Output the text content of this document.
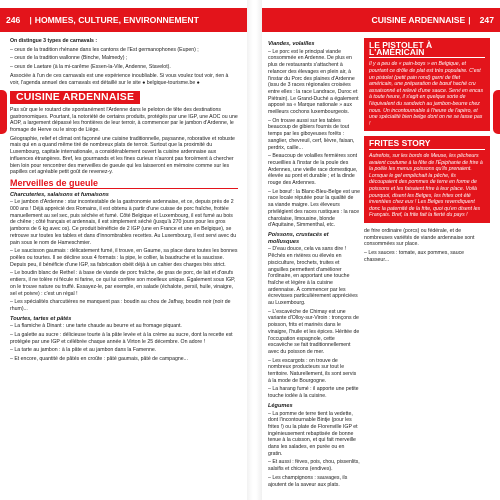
246	| HOMMES, CULTURE, ENVIRONNEMENT	CUISINE ARDENNAISE |	247

On distingue 3 types de carnavals :

– ceux de la tradition rhénane dans les cantons de l'Est germanophones (Eupen) ;

– ceux de la tradition wallonne (Binche, Malmedy) ;

– ceux de Laetare (à la mi-carême (Essen-la-Vile, Andenne, Stavelot).

Associée à l'un de ces carnavals est une expérience inoubliable. Si vous voulez tout voir, rien à voir, l'agenda annuel des carnavals est détaillé sur le site ● belgique-tourisme.be ●

CUISINE ARDENNAISE

Pas sûr que le routard cite spontanément l'Ardenne dans le peloton de tête des destinations gastronomiques. Pourtant, la notoriété de certains produits, protégés par une IGP, une AOC ou une AOP, a largement dépassé les frontières de leur terroir, à commencer par le jambon d'Ardenne, le fromage de Herve ou le sirop de Liège.

Géographie, relief et climat ont façonné une cuisine traditionnelle, paysanne, roborative et robuste mais qui en a quand même tiré de nombreux plats de terroir. Surtout que la proximité du Luxembourg, capitale internationale, a considérablement ouvert la cuisine ardennaise aux influences étrangères. Bref, les gourmands et les fines curieux n'auront pas forcément à chercher bien loin pour rencontrer des merveilles de gueule qui les laisseront en mémoire comme sur les papilles cet agréable petit goût de revenez-y.

Merveilles de gueule
Charcuteries, salaisons et fumaisons

– Le jambon d'Ardenne : star incontestable de la gastronomie ardennaise, et ce, depuis près de 2 000 ans ! Déjà apprécié des Romains, il est obtenu à partir d'une cuisse de porc fraîche, frottée manuellement au sel sec, puis séchée et fumé. Côté Belgique et Luxembourg, il est fumé au bois de chêne ; côté français et ardennais, il est simplement séché (jusqu'à 270 jours pour les gros jambons de 6 kg avec os). Ce produit bénéficie de 2 IGP (une en France et une en Belgique), se retrouve sur toutes les tables et dans d'innombrables recettes. Au Luxembourg, il est servi avec du pain sous le nom de Hameschmier.

– Le saucisson gaumais : délicatement fumé, il trouve, en Gaume, sa place dans toutes les bonnes poêles ou tourtes. Il se décline sous 4 formats : la pipe, le collier, la baudruche et la saucisse. Depuis peu, il bénéficie d'une IGP, sa fabrication obéit déjà à un cahier des charges très strict.

– Le boudin blanc de Rethel : à base de viande de porc fraîche, de gras de porc, de lait et d'œufs entiers, il ne tolère ni fécule ni farine, ce qui lui confère son moelleux unique. Également sous IGP, on le trouve nature ou truffé. Essayez-le, par exemple, en salade (échalote, persil, huile, vinaigre, sel et poivre) : c'est un régal !

– Les spécialités charcutières ne manquent pas : boudin au chou de Jafhay, boudin noir (noir de rhum)...

Tourtes, tartes et pâtés

– La flamiche à Dinant : une tarte chaude au beurre et au fromage piquant.

– La galette au sucre : délicieuse tourte à la pâte levée et à la crème au sucre, dont la recette est protégée par une IGP et célébrée chaque année à Virton le 25 décembre. On adore !

– La tarte au jambon : à la pâte et au jambon dans la Famenne.

– Et encore, quantité de pâtés en croûte : pâté gaumais, pâté de campagne...

Viandes, volailles

– Le porc est le principal viande consommée en Ardenne. De plus en plus de restaurants s'attachent à relancer des élevages en plein air, à l'instar du Porc des plaines d'Ardenne (issu de 3 races régionales croisées entre elles : la race Landrace, Duroc et Piétrain). Le Grand-Duché a également apposé sa « Marque nationale » aux meilleurs cochons luxembourgeois.

– On trouve aussi sur les tables beaucoup de gibiers fournis de tout temps par les giboyeuses forêts : sanglier, chevreuil, cerf, lièvre, faisan, perdrix, caille...

– Beaucoup de volailles fermières sont recueillies à l'instar de la poule des Ardennes, une vieille race domestique, élevée au pont et durable ; et la dinde rouge des Ardennes.

– Le bœuf : la Blanc-Bleu-Belge est une race locale réputée pour la qualité de sa viande maigre. Les éleveurs privilégient des races rustiques : la race charolaise, limousine, blonde d'Aquitaine, Simmenthal, etc.

Poissons, crustacés et mollusques

– D'eau douce, cela va sans dire ! Pêchés en rivières ou élevés en pisciculture, brochets, truites et anguilles permettent d'améliorer l'ordinaire, en apportant une touche fraîche et légère à la cuisine ardennaise. À commencer par les écrevisses particulièrement appréciées au Luxembourg.

– L'escavèche de Chimay est une variante d'Olloy-sur-Viroin : tronçons de poisson, frits et marinés dans le vinaigre, l'huile et les épices. Héritée de l'occupation espagnole, cette escavèche se fait traditionnellement avec du poisson de mer.

– Les escargots : on trouve de nombreux producteurs sur tout le territoire. Naturellement, ils sont servis à la mode de Bourgogne.

– La harang fumé : il apporte une petite touche iodée à la cuisine.

Légumes

– La pomme de terre tient la vedette, dont l'incontournable Bintje (pour les frites !) ou la plate de Florenville IGP et ingénieusement rebaptisée de bonne tenue à la cuisson, et qui fait merveille dans les salades, en purée ou en gratin.

– Et aussi : fèves, pois, chou, pissenlits, salsifis et chicons (endives).

– Les champignons : sauvages, ils ajoutent de la saveur aux plats.

LE PISTOLET À L'AMÉRICAIN
Il y a peu de « pain-boys » en Belgique, et pourtant ce drôle de plat est très populaire. C'est un pistolet (petit pain rond) garni de filet américain, une préparation de bœuf haché cru assaisonné et relevé d'une sauce. Servi en encas à toute heure, il s'agit en quelque sorte de l'équivalent du sandwich au jambon-beurre chez nous. Un incontournable à l'heure de l'apéro, et une spécialité bien belge dont on ne se lasse pas !
FRITES STORY
Autrefois, sur les bords de Meuse, les pêcheurs avaient coutume à la fête de l'Épiphanie de frire à la poêle les menus poissons qu'ils prenaient. Lorsque le gel empêchait la pêche, ils découpaient des pommes de terre en forme de poissons et les faisaient frire à leur place. Voilà pourquoi, disent les Belges, les frites ont été inventées chez eux ! Les Belges revendiquent donc la paternité de la frite, quoi qu'en disent les Français. Bref, la frite fait la fierté du pays !

de frire ordinaire (porcs) ou fédérale, et de nombreuses variétés de viande ardennaise sont consommées sur place.

– Les sauces : tomate, aux pommes, sauce chasseur...
